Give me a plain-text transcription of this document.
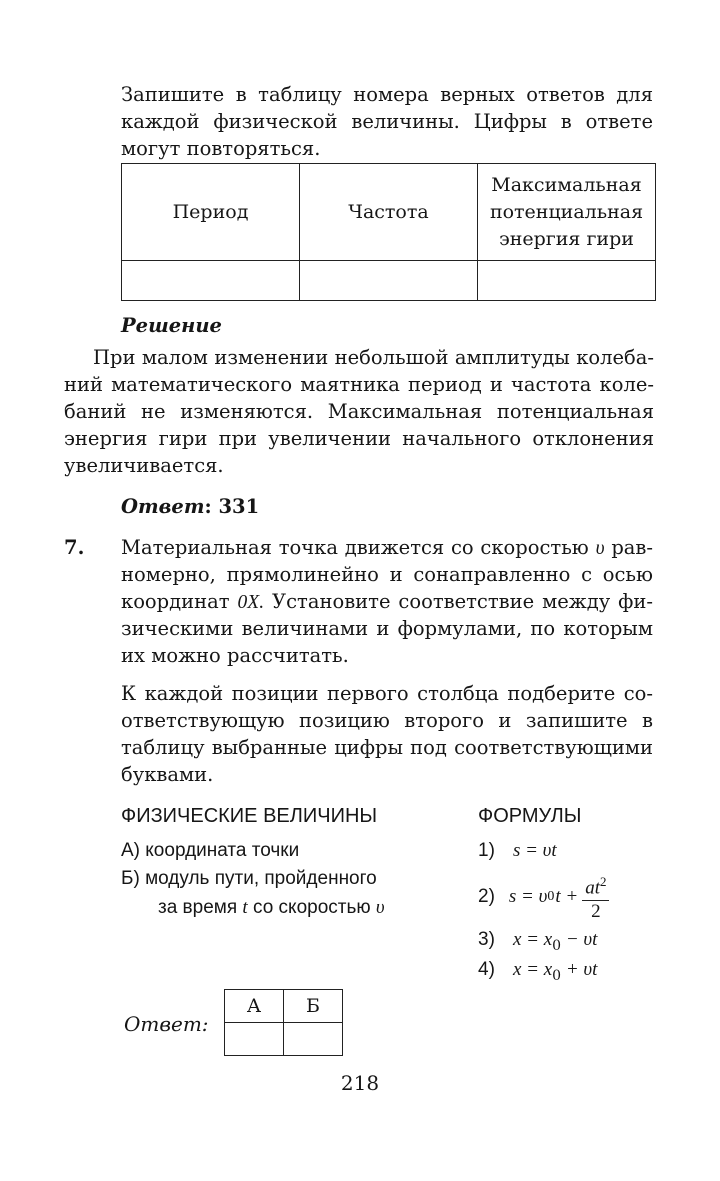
Запишите в таблицу номера верных ответов для

каждой физической величины. Цифры в ответе

могут повторяться.

Период	Частота	Максимальная
потенциальная
энергия гири

Решение

При малом изменении небольшой амплитуды колеба-

ний математического маятника период и частота коле-

баний не изменяются. Максимальная потенциальная

энергия гири при увеличении начального отклонения

увеличивается.

Ответ: 331

7.	Материальная точка движется со скоростью υ рав-

номерно, прямолинейно и сонаправленно с осью

координат 0X. Установите соответствие между фи-

зическими величинами и формулами, по которым

их можно рассчитать.

К каждой позиции первого столбца подберите со-

ответствующую позицию второго и запишите в

таблицу выбранные цифры под соответствующими

буквами.

ФИЗИЧЕСКИЕ ВЕЛИЧИНЫ
А) координата точки
Б) модуль пути, пройденного
за время t со скоростью υ
ФОРМУЛЫ
1) s = υt
2) s = υ 0 $t + \frac{at^2}{2}$
3) $x = x_0 - \upsilon t$
4) $x = x_0 + \upsilon t$
Ответ:
А	Б

218
